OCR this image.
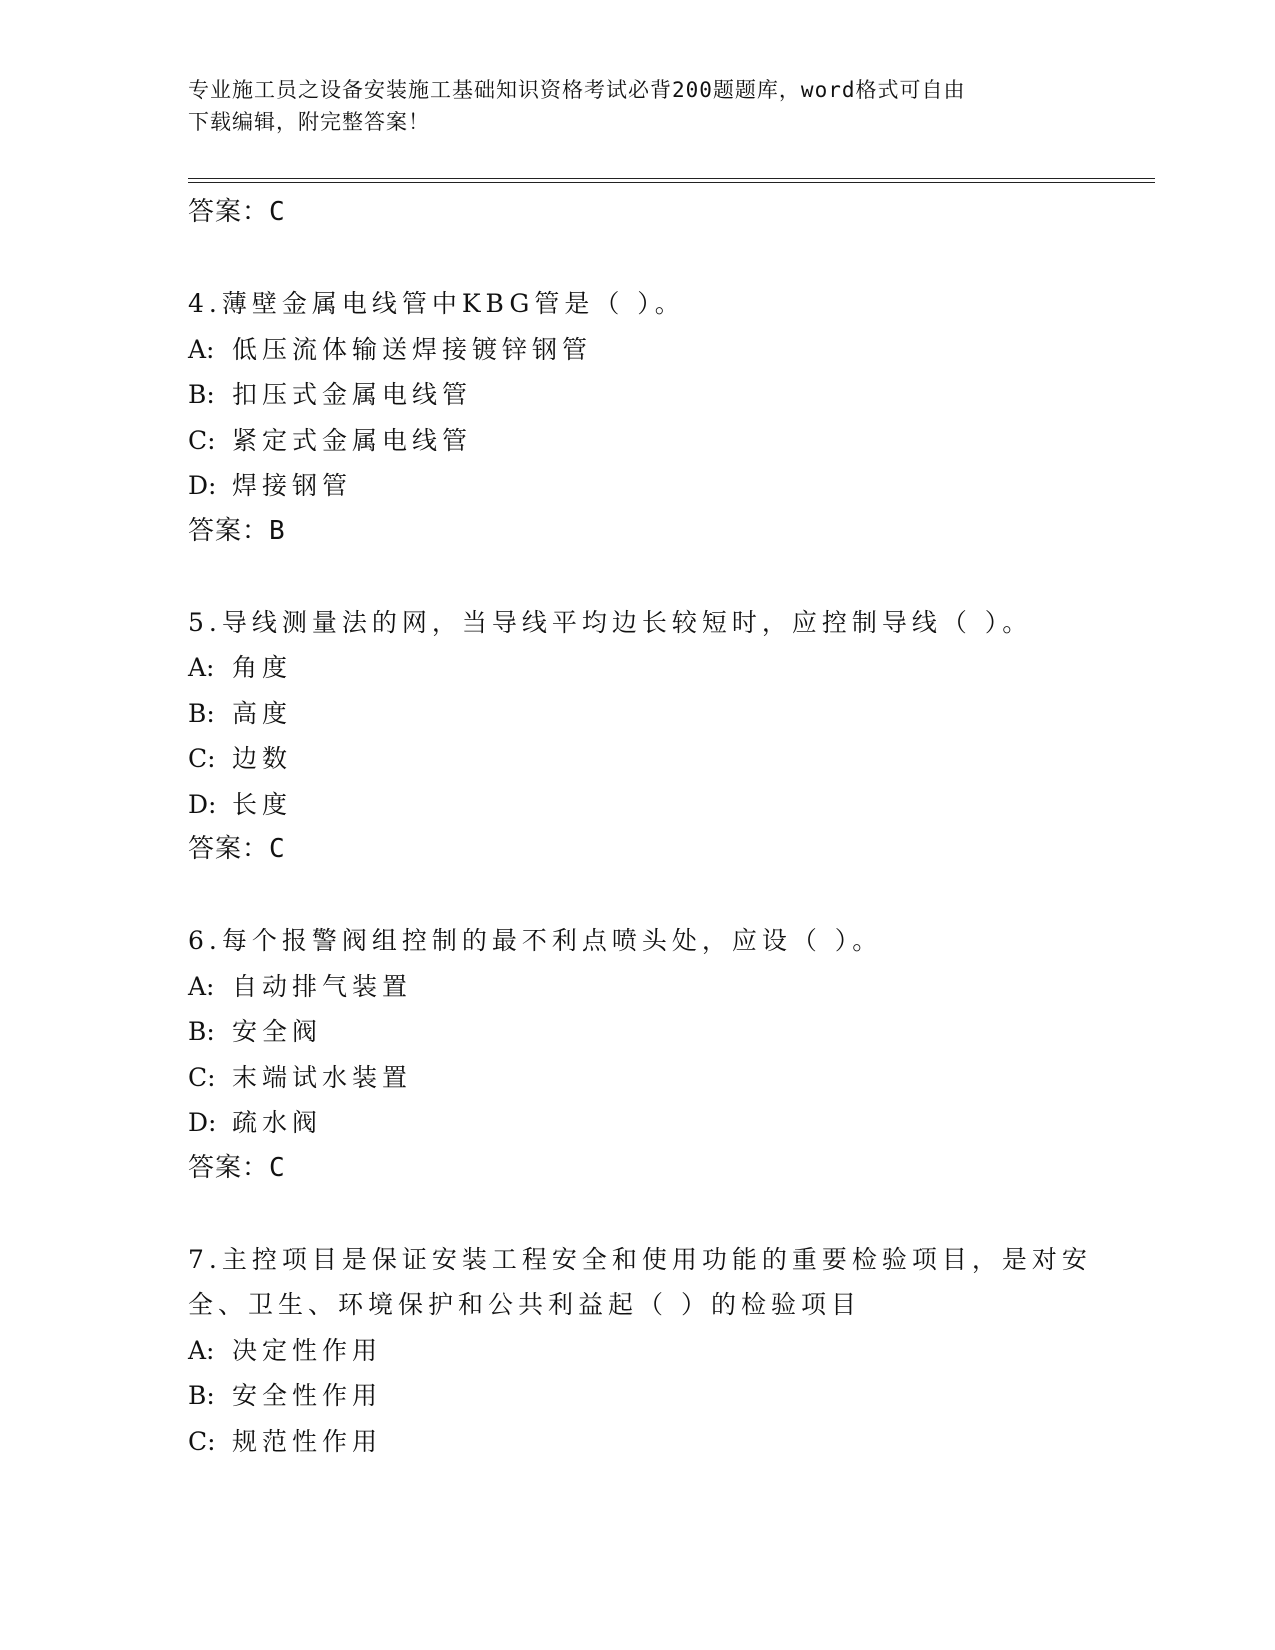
专业施工员之设备安装施工基础知识资格考试必背200题题库，word格式可自由
下载编辑，附完整答案！
答案：C
4.薄壁金属电线管中KBG管是（ ）。
A: 低压流体输送焊接镀锌钢管
B: 扣压式金属电线管
C: 紧定式金属电线管
D: 焊接钢管
答案：B
5.导线测量法的网，当导线平均边长较短时，应控制导线（ ）。
A: 角度
B: 高度
C: 边数
D: 长度
答案：C
6.每个报警阀组控制的最不利点喷头处，应设（ ）。
A: 自动排气装置
B: 安全阀
C: 末端试水装置
D: 疏水阀
答案：C
7.主控项目是保证安装工程安全和使用功能的重要检验项目，是对安
全、卫生、环境保护和公共利益起（ ）的检验项目
A: 决定性作用
B: 安全性作用
C: 规范性作用
